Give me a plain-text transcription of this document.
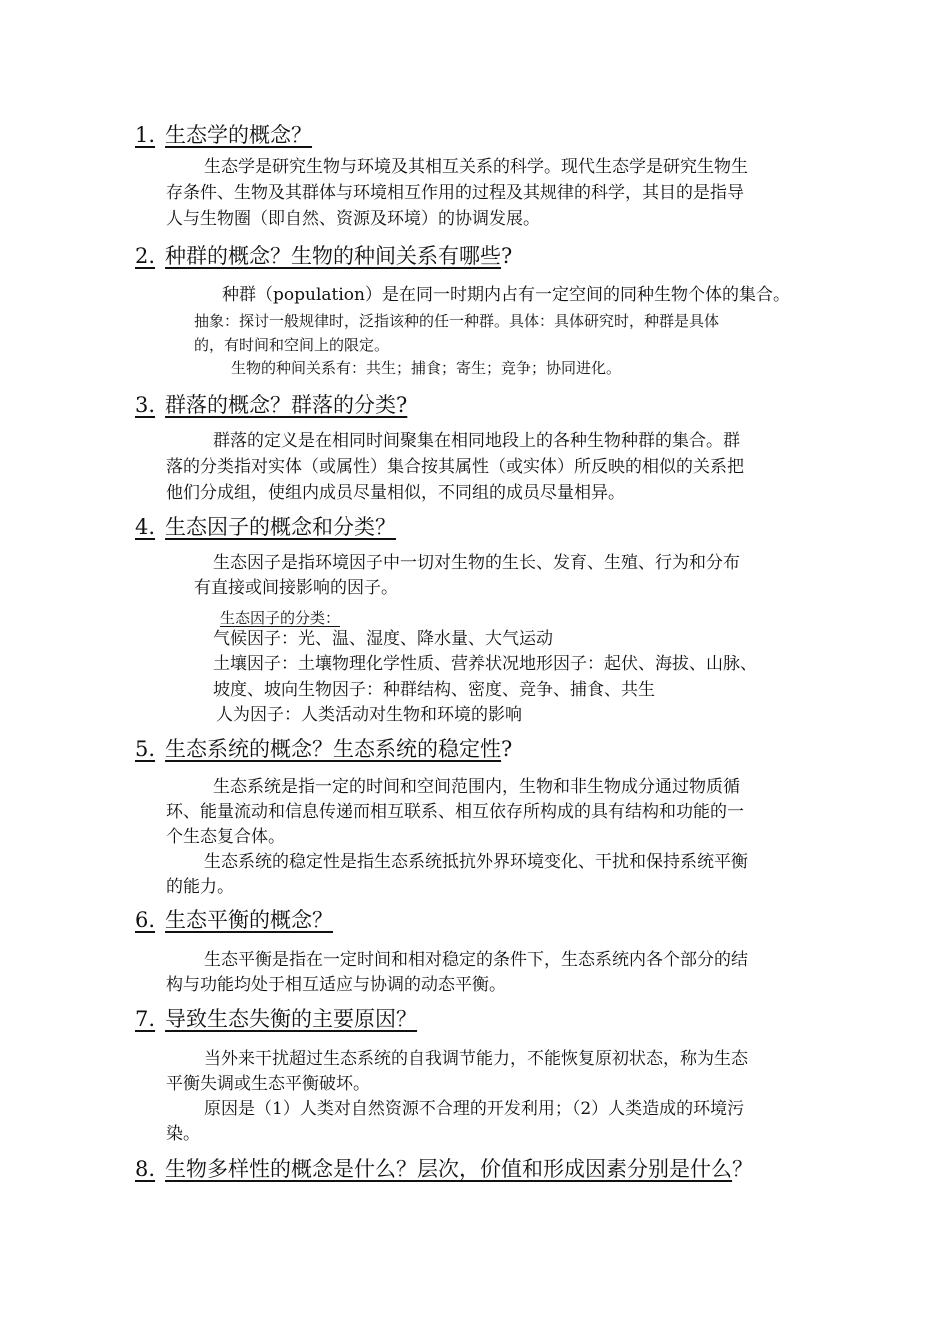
1. 生态学的概念？
生态学是研究生物与环境及其相互关系的科学。现代生态学是研究生物生
存条件、生物及其群体与环境相互作用的过程及其规律的科学，其目的是指导
人与生物圈（即自然、资源及环境）的协调发展。
2. 种群的概念？生物的种间关系有哪些?
种群（population）是在同一时期内占有一定空间的同种生物个体的集合。
抽象：探讨一般规律时，泛指该种的任一种群。具体：具体研究时，种群是具体
的，有时间和空间上的限定。
生物的种间关系有：共生；捕食；寄生；竞争；协同进化。
3. 群落的概念？群落的分类?
群落的定义是在相同时间聚集在相同地段上的各种生物种群的集合。群
落的分类指对实体（或属性）集合按其属性（或实体）所反映的相似的关系把
他们分成组，使组内成员尽量相似，不同组的成员尽量相异。
4. 生态因子的概念和分类？
生态因子是指环境因子中一切对生物的生长、发育、生殖、行为和分布
有直接或间接影响的因子。
生态因子的分类：
气候因子：光、温、湿度、降水量、大气运动
土壤因子：土壤物理化学性质、营养状况地形因子：起伏、海拔、山脉、
坡度、坡向生物因子：种群结构、密度、竞争、捕食、共生
人为因子：人类活动对生物和环境的影响
5. 生态系统的概念？生态系统的稳定性?
生态系统是指一定的时间和空间范围内，生物和非生物成分通过物质循
环、能量流动和信息传递而相互联系、相互依存所构成的具有结构和功能的一
个生态复合体。
生态系统的稳定性是指生态系统抵抗外界环境变化、干扰和保持系统平衡
的能力。
6. 生态平衡的概念？
生态平衡是指在一定时间和相对稳定的条件下，生态系统内各个部分的结
构与功能均处于相互适应与协调的动态平衡。
7. 导致生态失衡的主要原因？
当外来干扰超过生态系统的自我调节能力，不能恢复原初状态，称为生态
平衡失调或生态平衡破坏。
原因是（1）人类对自然资源不合理的开发利用；（2）人类造成的环境污
染。
8. 生物多样性的概念是什么？层次，价值和形成因素分别是什么？
